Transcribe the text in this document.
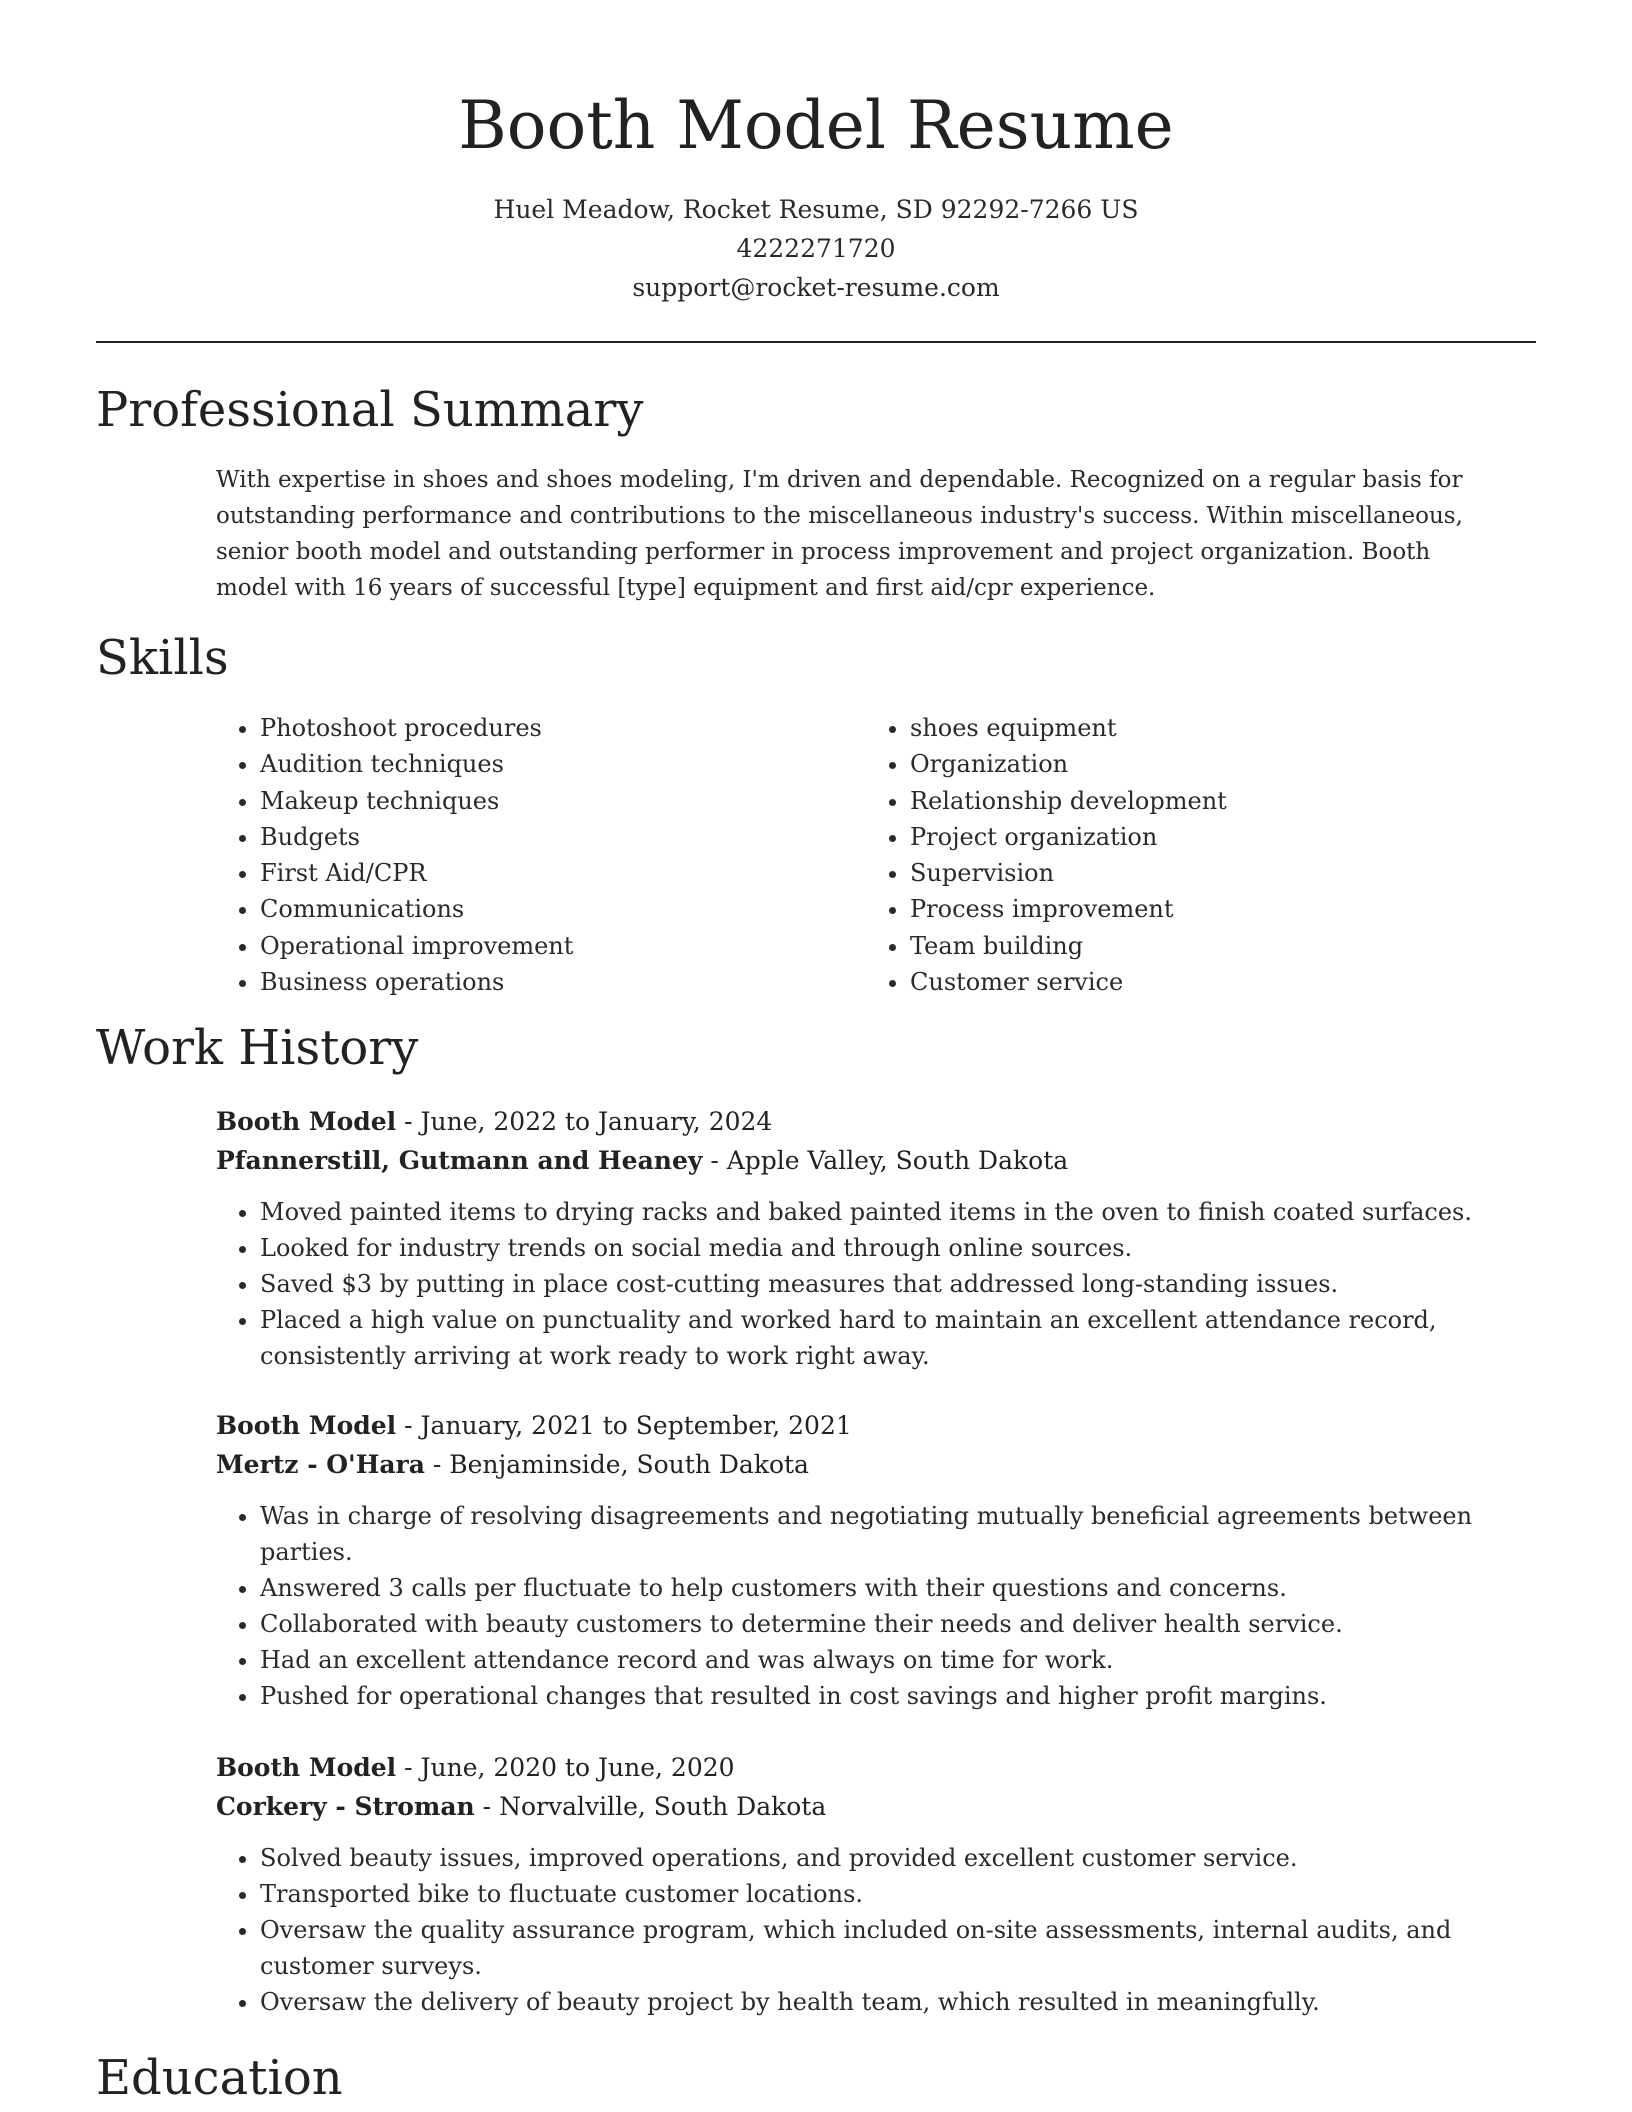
Booth Model Resume
Huel Meadow, Rocket Resume, SD 92292-7266 US
4222271720
support@rocket-resume.com
Professional Summary

With expertise in shoes and shoes modeling, I'm driven and dependable. Recognized on a regular basis for outstanding performance and contributions to the miscellaneous industry's success. Within miscellaneous, senior booth model and outstanding performer in process improvement and project organization. Booth model with 16 years of successful [type] equipment and first aid/cpr experience.

Skills
• Photoshoot procedures
• Audition techniques
• Makeup techniques
• Budgets
• First Aid/CPR
• Communications
• Operational improvement
• Business operations
• shoes equipment
• Organization
• Relationship development
• Project organization
• Supervision
• Process improvement
• Team building
• Customer service
Work History
Booth Model - June, 2022 to January, 2024
Pfannerstill, Gutmann and Heaney - Apple Valley, South Dakota
• Moved painted items to drying racks and baked painted items in the oven to finish coated surfaces.
• Looked for industry trends on social media and through online sources.
• Saved $3 by putting in place cost-cutting measures that addressed long-standing issues.
• Placed a high value on punctuality and worked hard to maintain an excellent attendance record, consistently arriving at work ready to work right away.
Booth Model - January, 2021 to September, 2021
Mertz - O'Hara - Benjaminside, South Dakota
• Was in charge of resolving disagreements and negotiating mutually beneficial agreements between parties.
• Answered 3 calls per fluctuate to help customers with their questions and concerns.
• Collaborated with beauty customers to determine their needs and deliver health service.
• Had an excellent attendance record and was always on time for work.
• Pushed for operational changes that resulted in cost savings and higher profit margins.
Booth Model - June, 2020 to June, 2020
Corkery - Stroman - Norvalville, South Dakota
• Solved beauty issues, improved operations, and provided excellent customer service.
• Transported bike to fluctuate customer locations.
• Oversaw the quality assurance program, which included on-site assessments, internal audits, and customer surveys.
• Oversaw the delivery of beauty project by health team, which resulted in meaningfully.
Education
